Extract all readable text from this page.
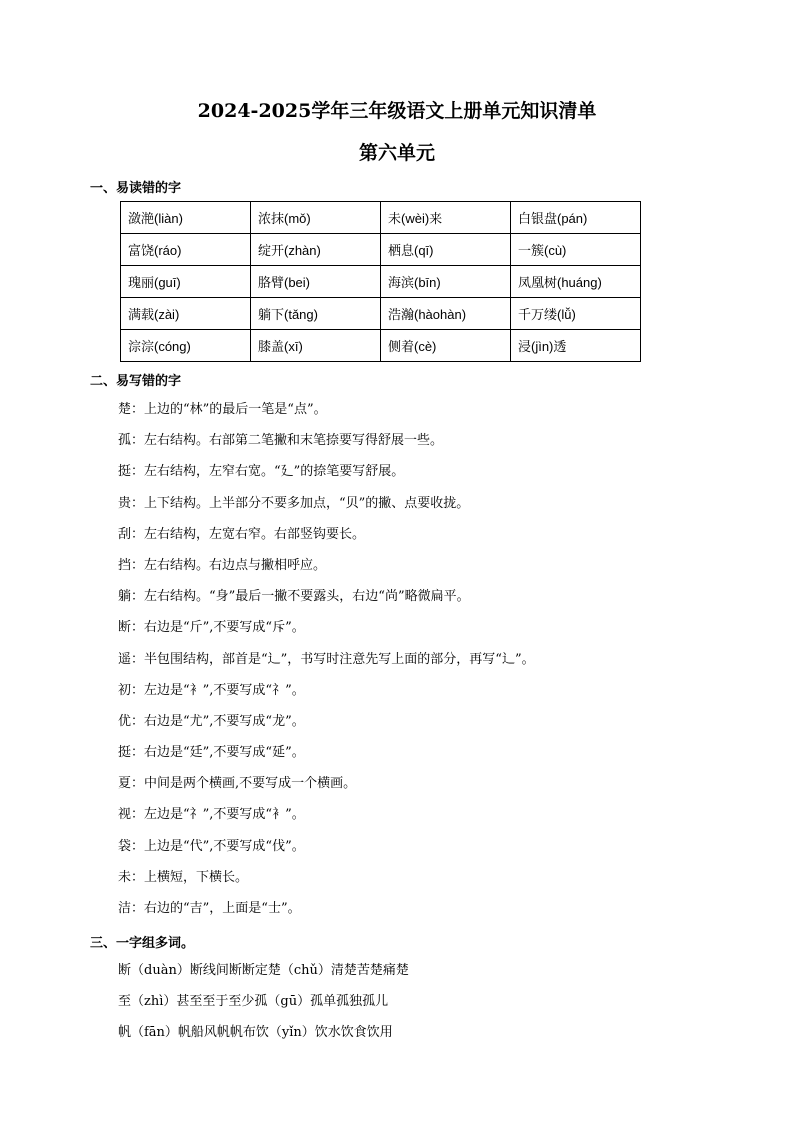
2024-2025学年三年级语文上册单元知识清单
第六单元
一、易读错的字
潋滟(liàn)	浓抹(mǒ)	未(wèi)来	白银盘(pán)
富饶(ráo)	绽开(zhàn)	栖息(qī)	一簇(cù)
瑰丽(guī)	胳臂(bei)	海滨(bīn)	凤凰树(huáng)
满载(zài)	躺下(tǎng)	浩瀚(hàohàn)	千万缕(lǚ)
淙淙(cóng)	膝盖(xī)	侧着(cè)	浸(jìn)透
二、易写错的字
楚：上边的“林”的最后一笔是“点”。
孤：左右结构。右部第二笔撇和末笔捺要写得舒展一些。
挺：左右结构，左窄右宽。“廴”的捺笔要写舒展。
贵：上下结构。上半部分不要多加点，“贝”的撇、点要收拢。
刮：左右结构，左宽右窄。右部竖钩要长。
挡：左右结构。右边点与撇相呼应。
躺：左右结构。“身”最后一撇不要露头，右边“尚”略微扁平。
断：右边是“斤”,不要写成“斥”。
遥：半包围结构，部首是“辶”，书写时注意先写上面的部分，再写“辶”。
初：左边是“衤”,不要写成“礻”。
优：右边是“尤”,不要写成“龙”。
挺：右边是“廷”,不要写成“延”。
夏：中间是两个横画,不要写成一个横画。
视：左边是“礻”,不要写成“衤”。
袋：上边是“代”,不要写成“伐”。
未：上横短，下横长。
洁：右边的“吉”，上面是“士”。
三、一字组多词。
断（duàn）断线间断断定楚（chǔ）清楚苦楚痛楚
至（zhì）甚至至于至少孤（gū）孤单孤独孤儿
帆（fān）帆船风帆帆布饮（yǐn）饮水饮食饮用
